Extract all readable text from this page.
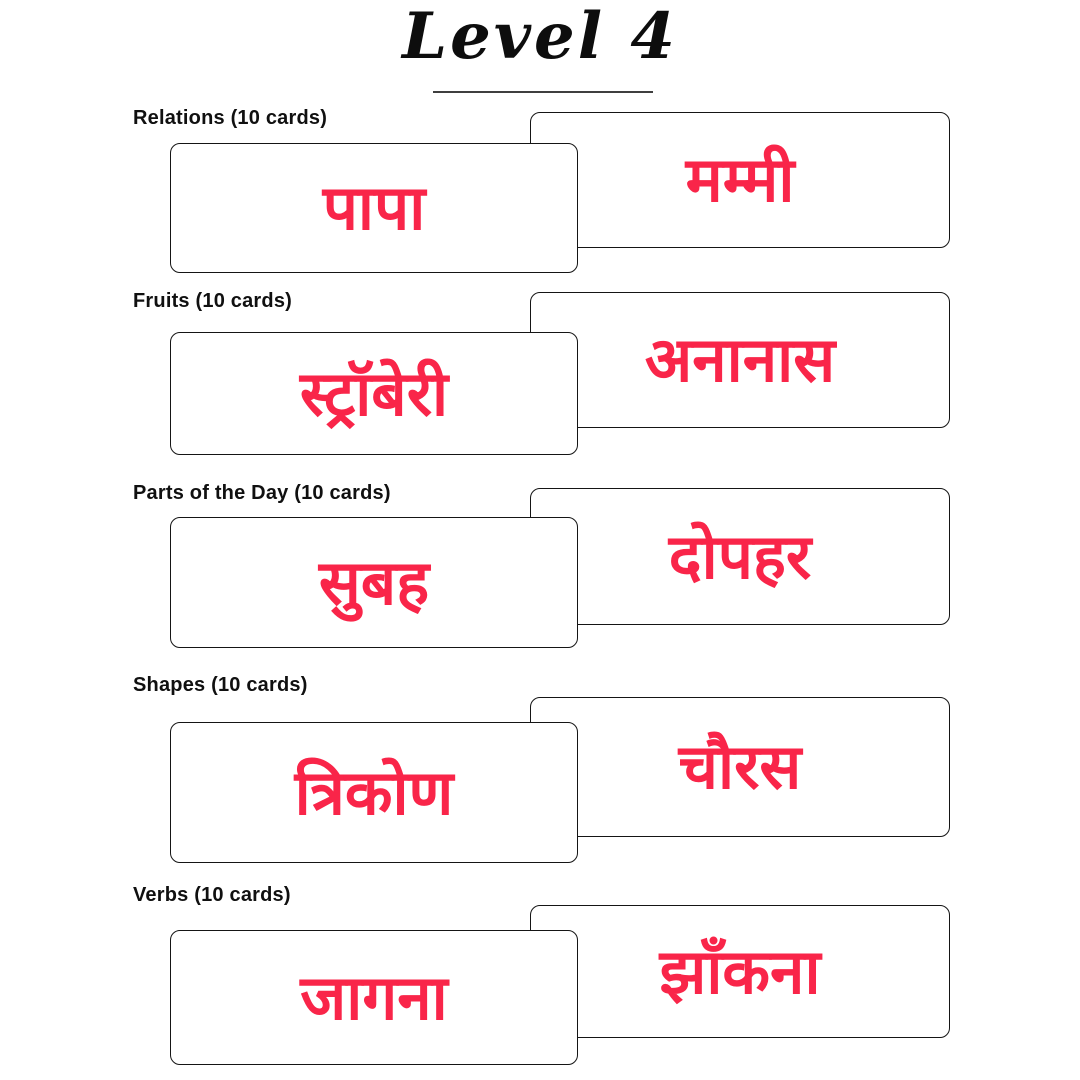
Level 4
Relations (10 cards)
मम्मी
पापा
Fruits (10 cards)
अनानास
स्ट्रॉबेरी
Parts of the Day (10 cards)
दोपहर
सुबह
Shapes (10 cards)
चौरस
त्रिकोण
Verbs (10 cards)
झाँकना
जागना
